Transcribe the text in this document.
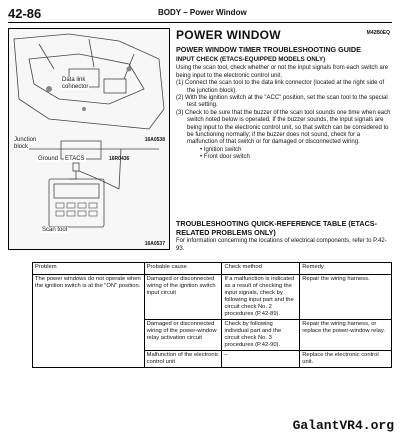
42-86	BODY – Power Window
Data link
connector
Junction
block
Ground ETACS
Scan tool
16A0538
16R0436
16A0537
POWER WINDOW	M42B0EQ
POWER WINDOW TIMER TROUBLESHOOTING GUIDE
INPUT CHECK (ETACS-EQUIPPED MODELS ONLY)
Using the scan tool, check whether or not the input signals from each switch are being input to the electronic control unit.
(1) Connect the scan tool to the data link connector (located at the right side of the junction block).
(2) With the ignition switch at the "ACC" position, set the scan tool to the special test setting.
(3) Check to be sure that the buzzer of the scan tool sounds one time when each switch noted below is operated. If the buzzer sounds, the input signals are being input to the electronic control unit, so that switch can be considered to be functioning normally; if the buzzer does not sound, check for a malfunction of that switch or for damaged or disconnected wiring.
• Ignition switch
• Front door switch
TROUBLESHOOTING QUICK-REFERENCE TABLE (ETACS-RELATED PROBLEMS ONLY)
For information concerning the locations of electrical components, refer to P.42-93.
Problem	Probable cause	Check method	Remedy
The power windows do not operate when the ignition switch is at the "ON" position.	Damaged or disconnected wiring of the ignition switch input circuit	If a malfunction is indicated as a result of checking the input signals, check by following input part and the circuit check No. 2 procedures (P.42-89).	Repair the wiring harness.
	Damaged or disconnected wiring of the power-window relay activation circuit	Check by following individual part and the circuit check No. 3 procedures (P.42-90).	Repair the wiring harness, or replace the power-window relay.
	Malfunction of the electronic control unit	–	Replace the electronic control unit.
GalantVR4.org
